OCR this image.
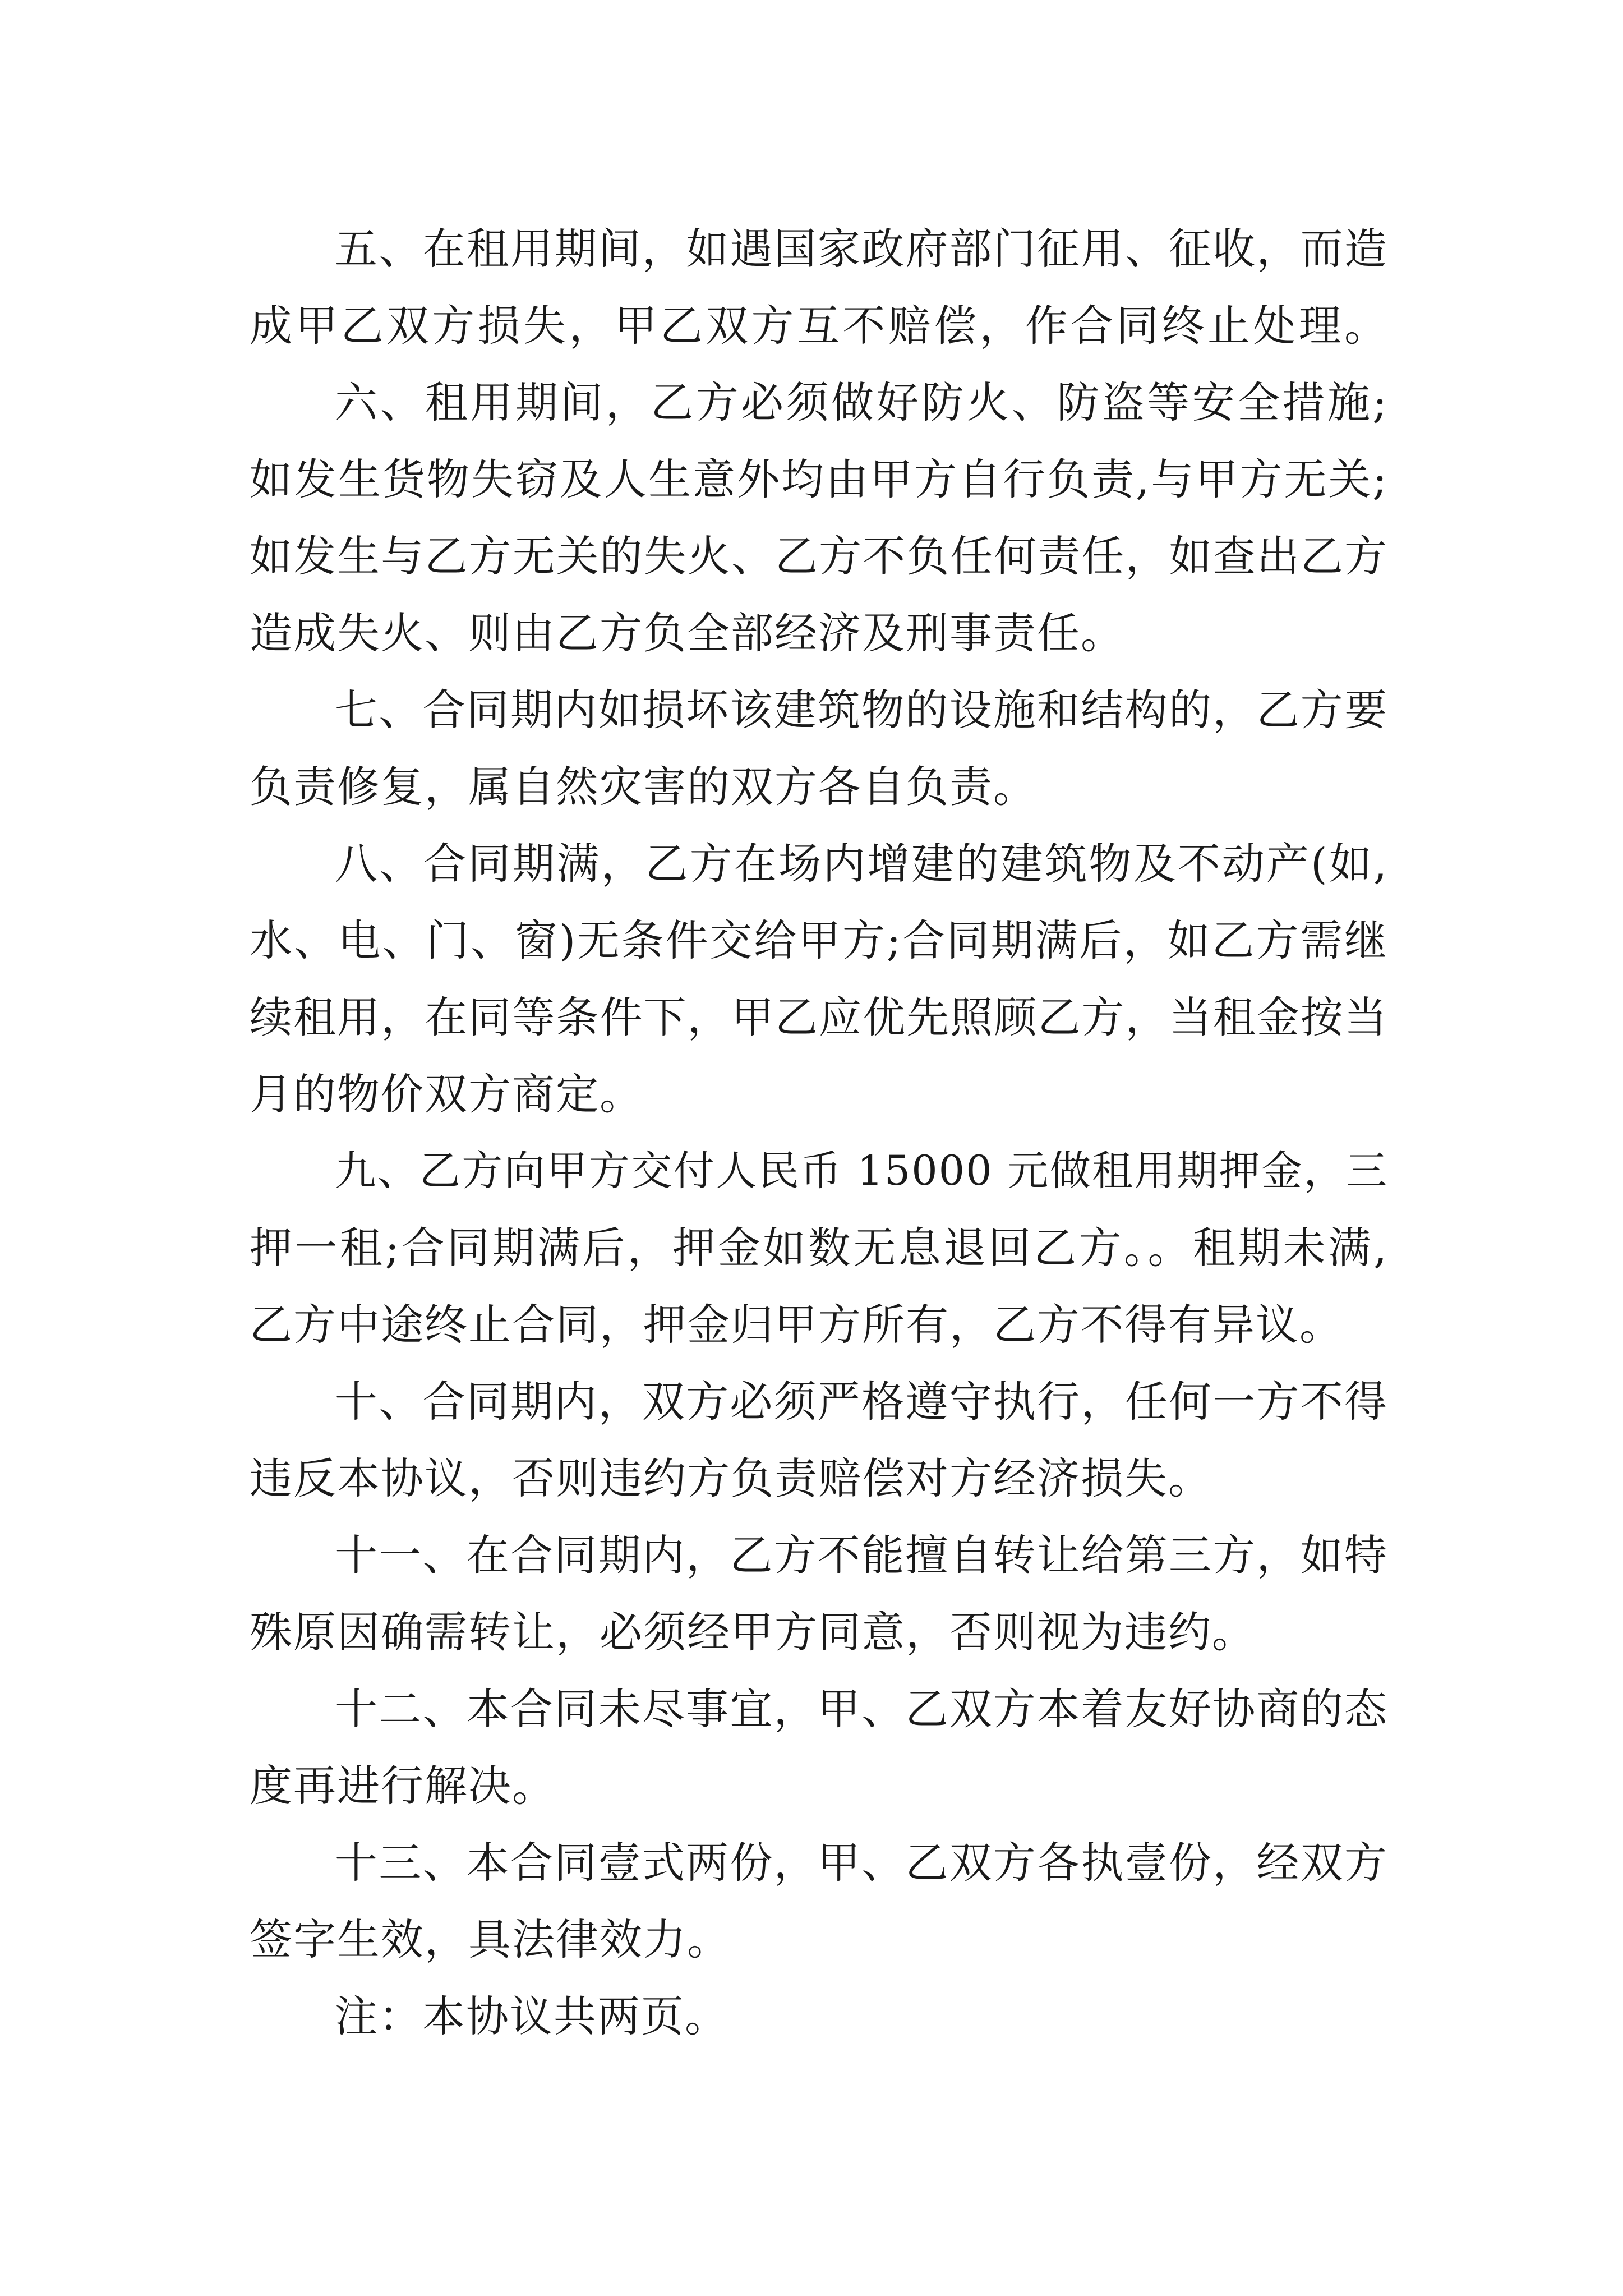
五、在租用期间，如遇国家政府部门征用、征收，而造
成甲乙双方损失，甲乙双方互不赔偿，作合同终止处理。
六、租用期间，乙方必须做好防火、防盗等安全措施;
如发生货物失窃及人生意外均由甲方自行负责,与甲方无关;
如发生与乙方无关的失火、乙方不负任何责任，如查出乙方
造成失火、则由乙方负全部经济及刑事责任。
七、合同期内如损坏该建筑物的设施和结构的，乙方要
负责修复，属自然灾害的双方各自负责。
八、合同期满，乙方在场内增建的建筑物及不动产(如,
水、电、门、窗)无条件交给甲方;合同期满后，如乙方需继
续租用，在同等条件下，甲乙应优先照顾乙方，当租金按当
月的物价双方商定。
九、乙方向甲方交付人民币 15000 元做租用期押金，三
押一租;合同期满后，押金如数无息退回乙方。。租期未满,
乙方中途终止合同，押金归甲方所有，乙方不得有异议。
十、合同期内，双方必须严格遵守执行，任何一方不得
违反本协议，否则违约方负责赔偿对方经济损失。
十一、在合同期内，乙方不能擅自转让给第三方，如特
殊原因确需转让，必须经甲方同意，否则视为违约。
十二、本合同未尽事宜，甲、乙双方本着友好协商的态
度再进行解决。
十三、本合同壹式两份，甲、乙双方各执壹份，经双方
签字生效，具法律效力。
注：本协议共两页。
